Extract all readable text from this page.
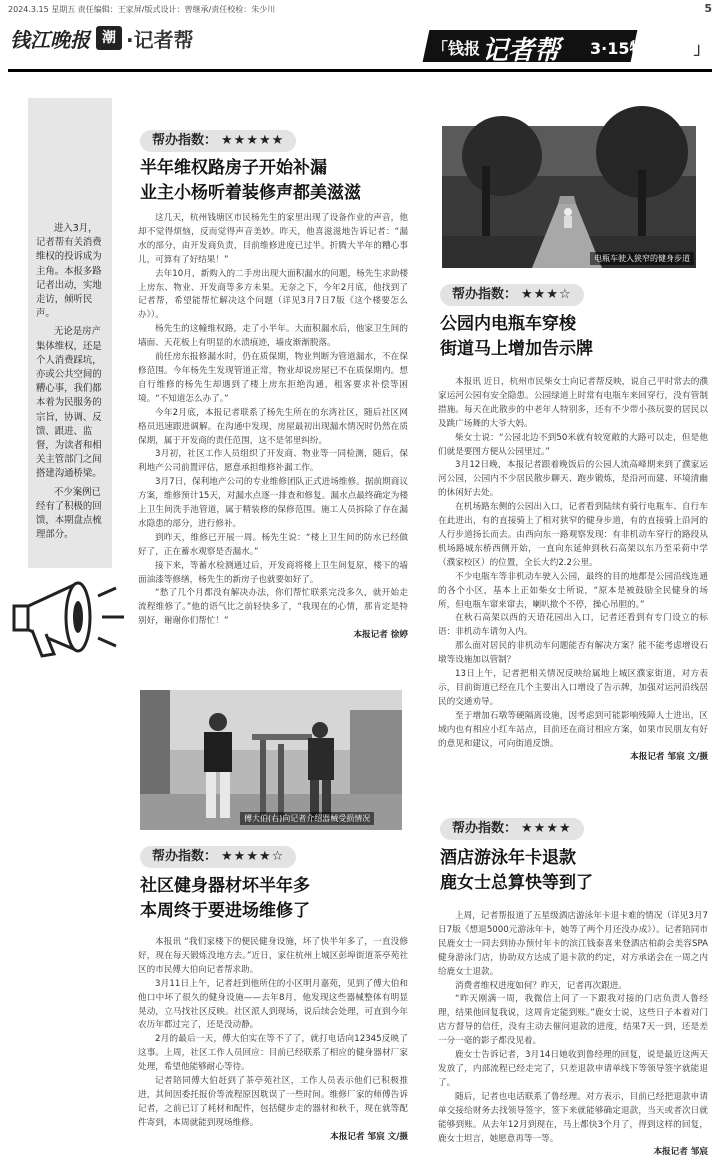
2024.3.15 星期五 责任编辑：王家屏/版式设计：曾继承/责任校检：朱少川	5
钱江晚报 潮 ·记者帮	「钱报 记者帮 3·15特别行动」

进入3月，记者帮有关消费维权的投诉成为主角。本报多路记者出动，实地走访，倾听民声。

无论是房产集体维权，还是个人消费踩坑，亦或公共空间的糟心事，我们都本着为民服务的宗旨，协调、反馈、跟进、监督，为读者和相关主管部门之间搭建沟通桥梁。

不少案例已经有了积极的回馈，本期盘点梳理部分。

帮办指数： ★★★★★
半年维权路房子开始补漏
业主小杨听着装修声都美滋滋

这几天，杭州钱塘区市民杨先生的家里出现了设备作业的声音，他却不觉得烦恼，反而觉得声音美妙。昨天，他喜滋滋地告诉记者：“漏水的部分，由开发商负责，目前维修进度已过半。折腾大半年的糟心事儿，可算有了好结果！”

去年10月，新购入的二手房出现大面积漏水的问题，杨先生求助楼上房东、物业、开发商等多方未果。无奈之下，今年2月底，他找到了记者帮，希望能帮忙解决这个问题（详见3月7日7版《这个楼要怎么办》）。

杨先生的这幢维权路，走了小半年。大面积漏水后，他家卫生间的墙面、天花板上有明显的水渍痕迹，墙皮渐渐脱落。

前任房东报修漏水时，仍在质保期，物业判断为管道漏水，不在保修范围。今年杨先生发现管道正常，物业却说房屋已不在质保期内。想自行维修的杨先生却遇到了楼上房东拒绝沟通，租客要求补偿等困境。“不知道怎么办了。”

今年2月底，本报记者联系了杨先生所在的东湾社区，随后社区网格员迅速跟进调解。在沟通中发现，房屋最初出现漏水情况时仍然在质保期，属于开发商的责任范围，这不是邻里纠纷。

3月初，社区工作人员组织了开发商、物业等一同检测，随后，保利地产公司前置评估，愿意承担维修补漏工作。

3月7日，保利地产公司的专业维修团队正式进场维修。据前期商议方案，维修预计15天，对漏水点逐一排查和修复。漏水点最终确定为楼上卫生间洗手池管道，属于精装修的保修范围。施工人员拆除了存在漏水隐患的部分，进行修补。

到昨天，维修已开展一周。杨先生说：“楼上卫生间的防水已经做好了，正在蓄水观察是否漏水。”

接下来，等蓄水检测通过后，开发商将楼上卫生间复原，楼下的墙面油漆等修缮，杨先生的新房子也就要如好了。

“愁了几个月都没有解决办法，你们帮忙联系完没多久，就开始走流程维修了。”他的语气比之前轻快多了，“我现在的心情，那肯定是特别好，谢谢你们帮忙！”

本报记者 徐婷
傅大伯(右)向记者介绍器械受损情况
帮办指数： ★★★★☆
社区健身器材坏半年多
本周终于要进场维修了

本报讯 “我们家楼下的便民健身设施，坏了快半年多了，一直没修好，现在每天锻炼没地方去。”近日，家住杭州上城区彭埠街道茶亭苑社区的市民傅大伯向记者帮求助。

3月11日上午，记者赶到他所住的小区明月嘉苑，见到了傅大伯和他口中坏了很久的健身设施——去年8月，他发现这些器械整体有明显晃动，立马找社区反映。社区派人到现场，说后续会处理，可直到今年农历年都过完了，还是没动静。

2月的最后一天，傅大伯实在等不了了，就打电话向12345反映了这事。上周，社区工作人员回应：目前已经联系了相应的健身器材厂家处理，希望他能够耐心等待。

记者陪同傅大伯赶到了茶亭苑社区，工作人员表示他们已积极推进，其间因委托报价等流程原因耽误了一些时间。维修厂家的师傅告诉记者，之前已订了耗材和配件，包括健步走的器材和秋千，现在就等配件寄到，本周就能到现场维修。

本报记者 邹宸 文/摄
电瓶车驶入狭窄的健身步道
帮办指数： ★★★☆
公园内电瓶车穿梭
街道马上增加告示牌

本报讯 近日，杭州市民柴女士向记者帮反映，说自己平时常去的濮家运河公园有安全隐患。公园绿道上时常有电瓶车来回穿行，没有管制措施。每天在此散步的中老年人特别多，还有不少带小孩玩耍的居民以及跳广场舞的大爷大妈。

柴女士说：“公园北边不到50米就有较宽敞的大路可以走，但是他们就是要图方便从公园里过。”

3月12日晚，本报记者跟着晚饭后的公园人流高峰期来到了濮家运河公园，公园内不少居民散步聊天、跑步锻炼，是沿河而建、环境清幽的休闲好去处。

在机场路东侧的公园出入口，记者看到陆续有骑行电瓶车、自行车在此进出，有的直接骑上了相对狭窄的健身步道，有的直接骑上沿河的人行步道扬长而去。由西向东一路观察发现：有非机动车穿行的路段从机场路城东桥西侧开始，一直向东延伸到秋石高架以东乃至采荷中学（濮家校区）的位置，全长大约2.2公里。

不少电瓶车等非机动车驶入公园，最终的目的地都是公园沿线连通的各个小区，基本上正如柴女士所说，“原本是被鼓励全民健身的场所，但电瓶车窜来窜去，喇叭揿个不停，操心吊胆的。”

在秋石高架以西的天语花园出入口，记者还看到有专门设立的标语：非机动车请勿入内。

那么面对居民的非机动车问题能否有解决方案？能不能考虑增设石墩等设施加以管制？

13日上午，记者把相关情况反映给属地上城区濮家街道，对方表示，目前街道已经在几个主要出入口增设了告示牌，加强对运河沿线居民的交通劝导。

至于增加石墩等硬隔离设施，因考虑到可能影响残障人士进出，区域内也有相应小红车站点，目前还在商讨相应方案，如果市民朋友有好的意见和建议，可向街道反馈。

本报记者 邹宸 文/摄
帮办指数： ★★★★
酒店游泳年卡退款
鹿女士总算快等到了

上周，记者帮报道了五星级酒店游泳年卡退卡难的情况（详见3月7日7版《想退5000元游泳年卡，她等了两个月还没办成》）。记者陪同市民鹿女士一同去到协办预付年卡的滨江钱泰喜来登酒店柏韵会美容SPA健身游泳门店，协助双方达成了退卡款的约定，对方承诺会在一周之内给鹿女士退款。

消费者维权进度如何？昨天，记者再次跟进。

“昨天刚满一周，我微信上问了一下跟我对接的门店负责人鲁经理，结果他回复我说，这周肯定能到账。”鹿女士说，这些日子本着对门店方督导的信任，没有主动去催问退款的进度，结果7天一到，还是差一分一毫的影子都没见着。

鹿女士告诉记者，3月14日她收到鲁经理的回复，说是最近这两天发放了，内部流程已经走完了，只差退款申请单线下等领导签字就能退了。

随后，记者也电话联系了鲁经理。对方表示，目前已经把退款申请单交接给财务去找领导签字，签下来就能够确定退款，当天或者次日就能够到账。从去年12月到现在，马上都快3个月了，得到这样的回复，鹿女士坦言，她愿意再等一等。

本报记者 邹宸
